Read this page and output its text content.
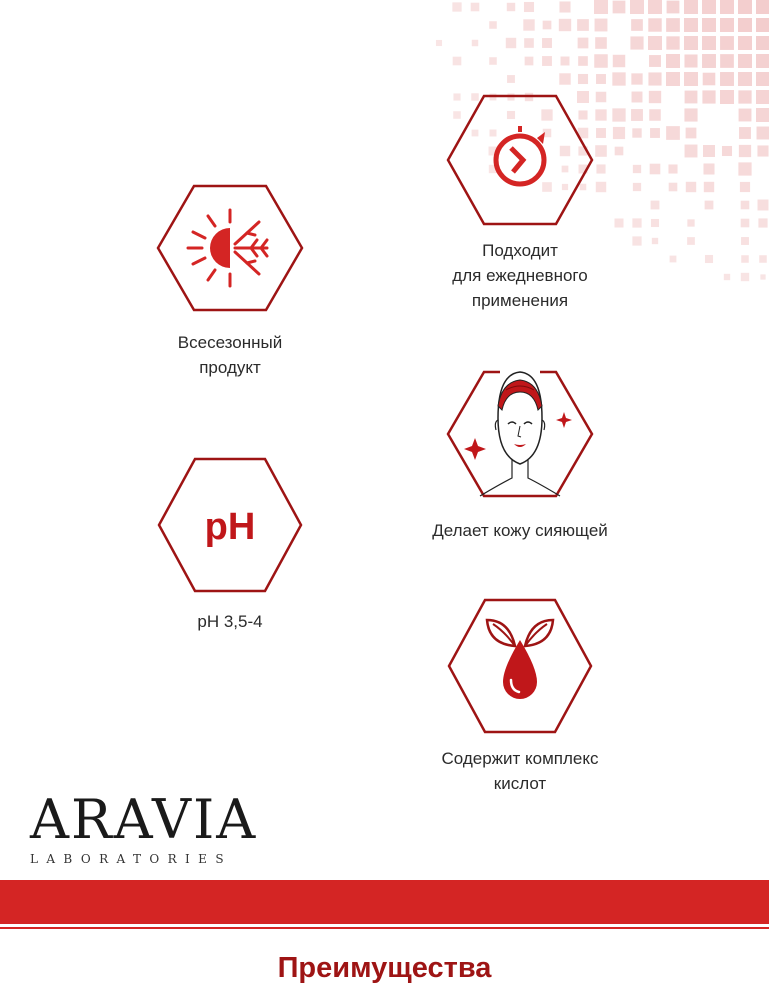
Всесезонный
продукт
Подходит
для ежедневного
применения
Делает кожу сияющей
pH
pH 3,5-4
Содержит комплекс
кислот
ARAVIA
LABORATORIES
Преимущества
